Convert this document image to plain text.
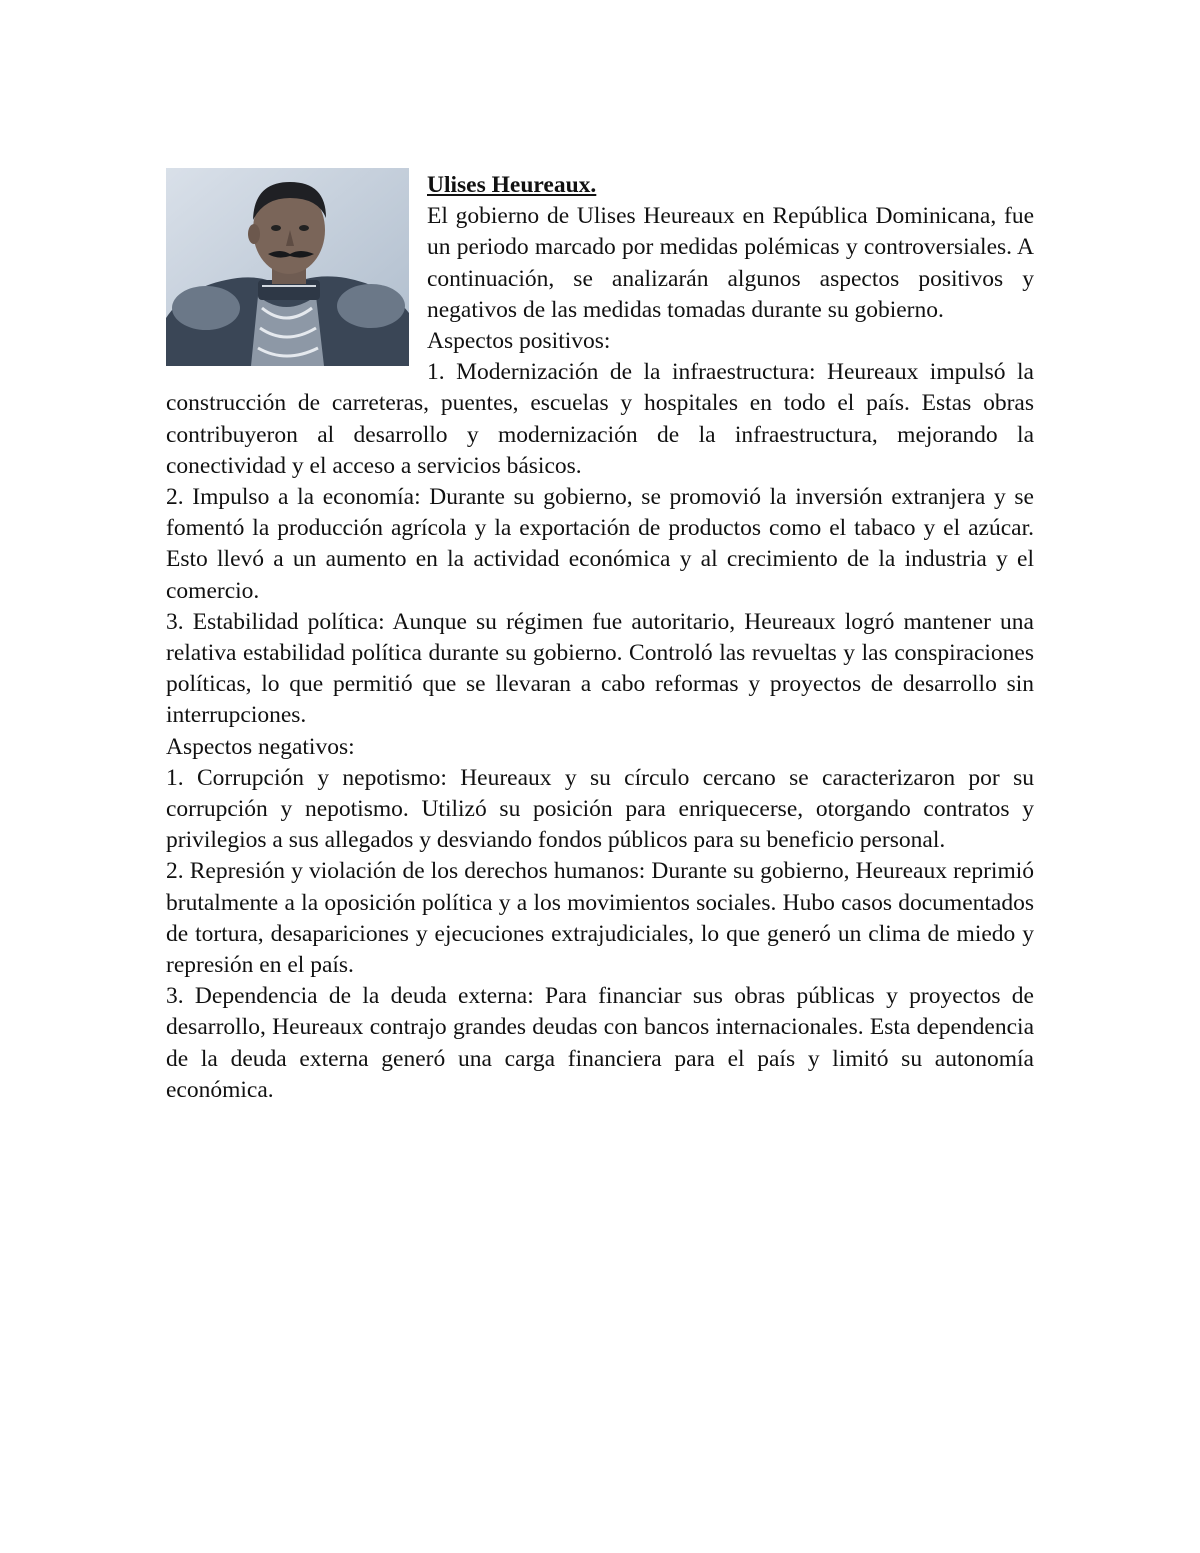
Ulises Heureaux.
El gobierno de Ulises Heureaux en República Dominicana, fue un periodo marcado por medidas polémicas y controversiales. A continuación, se analizarán algunos aspectos positivos y negativos de las medidas tomadas durante su gobierno.
Aspectos positivos:
1. Modernización de la infraestructura: Heureaux impulsó la construcción de carreteras, puentes, escuelas y hospitales en todo el país. Estas obras contribuyeron al desarrollo y modernización de la infraestructura, mejorando la conectividad y el acceso a servicios básicos.
2. Impulso a la economía: Durante su gobierno, se promovió la inversión extranjera y se fomentó la producción agrícola y la exportación de productos como el tabaco y el azúcar. Esto llevó a un aumento en la actividad económica y al crecimiento de la industria y el comercio.
3. Estabilidad política: Aunque su régimen fue autoritario, Heureaux logró mantener una relativa estabilidad política durante su gobierno. Controló las revueltas y las conspiraciones políticas, lo que permitió que se llevaran a cabo reformas y proyectos de desarrollo sin interrupciones.
Aspectos negativos:
1. Corrupción y nepotismo: Heureaux y su círculo cercano se caracterizaron por su corrupción y nepotismo. Utilizó su posición para enriquecerse, otorgando contratos y privilegios a sus allegados y desviando fondos públicos para su beneficio personal.
2. Represión y violación de los derechos humanos: Durante su gobierno, Heureaux reprimió brutalmente a la oposición política y a los movimientos sociales. Hubo casos documentados de tortura, desapariciones y ejecuciones extrajudiciales, lo que generó un clima de miedo y represión en el país.
3. Dependencia de la deuda externa: Para financiar sus obras públicas y proyectos de desarrollo, Heureaux contrajo grandes deudas con bancos internacionales. Esta dependencia de la deuda externa generó una carga financiera para el país y limitó su autonomía económica.
